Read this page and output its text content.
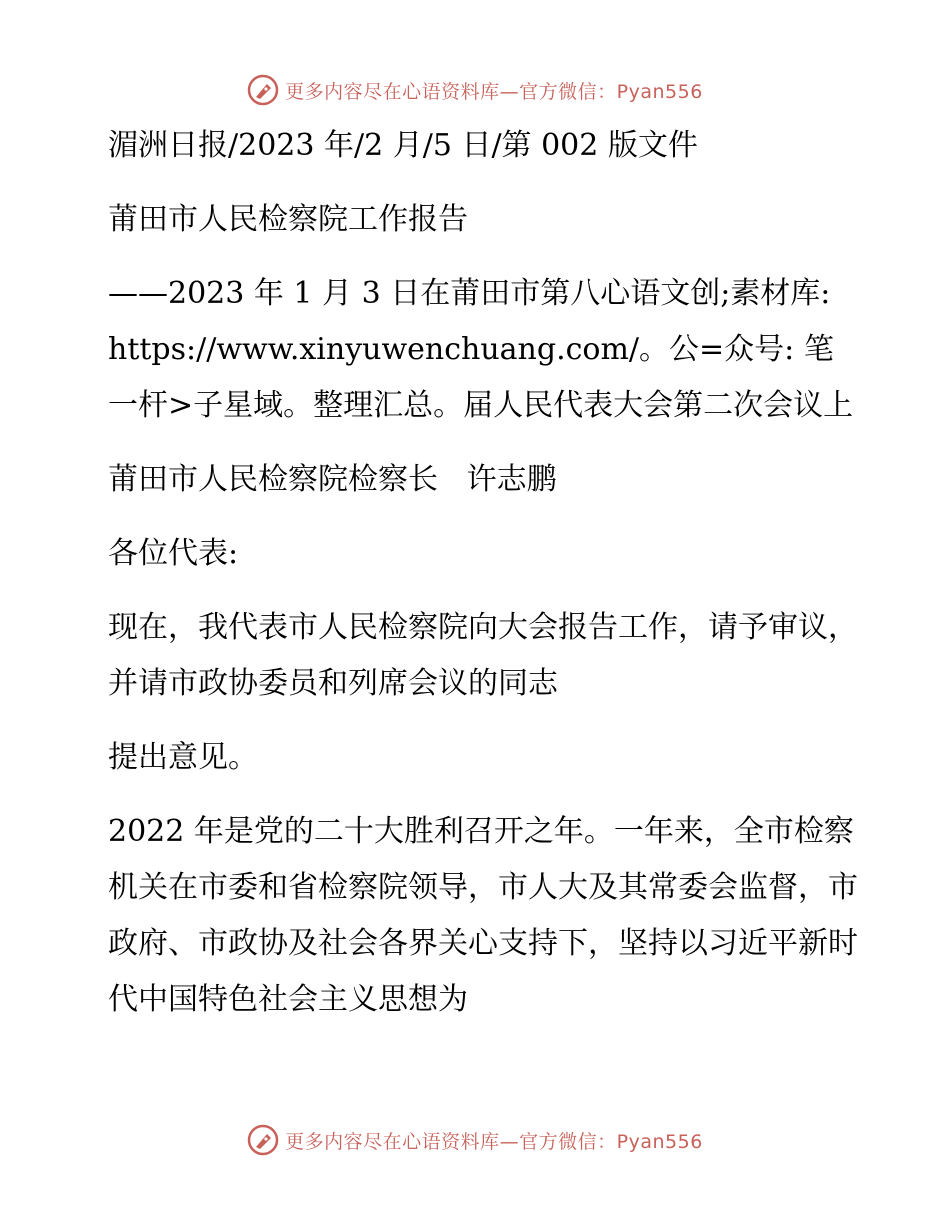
更多内容尽在心语资料库—官方微信：Pyan556

湄洲日报/2023 年/2 月/5 日/第 002 版文件

莆田市人民检察院工作报告

——2023 年 1 月 3 日在莆田市第八心语文创;素材库: https://www.xinyuwenchuang.com/。公=众号: 笔一杆>子星域。整理汇总。届人民代表大会第二次会议上

莆田市人民检察院检察长   许志鹏

各位代表:

现在，我代表市人民检察院向大会报告工作，请予审议，并请市政协委员和列席会议的同志

提出意见。

2022 年是党的二十大胜利召开之年。一年来，全市检察机关在市委和省检察院领导，市人大及其常委会监督，市政府、市政协及社会各界关心支持下，坚持以习近平新时代中国特色社会主义思想为

更多内容尽在心语资料库—官方微信：Pyan556
